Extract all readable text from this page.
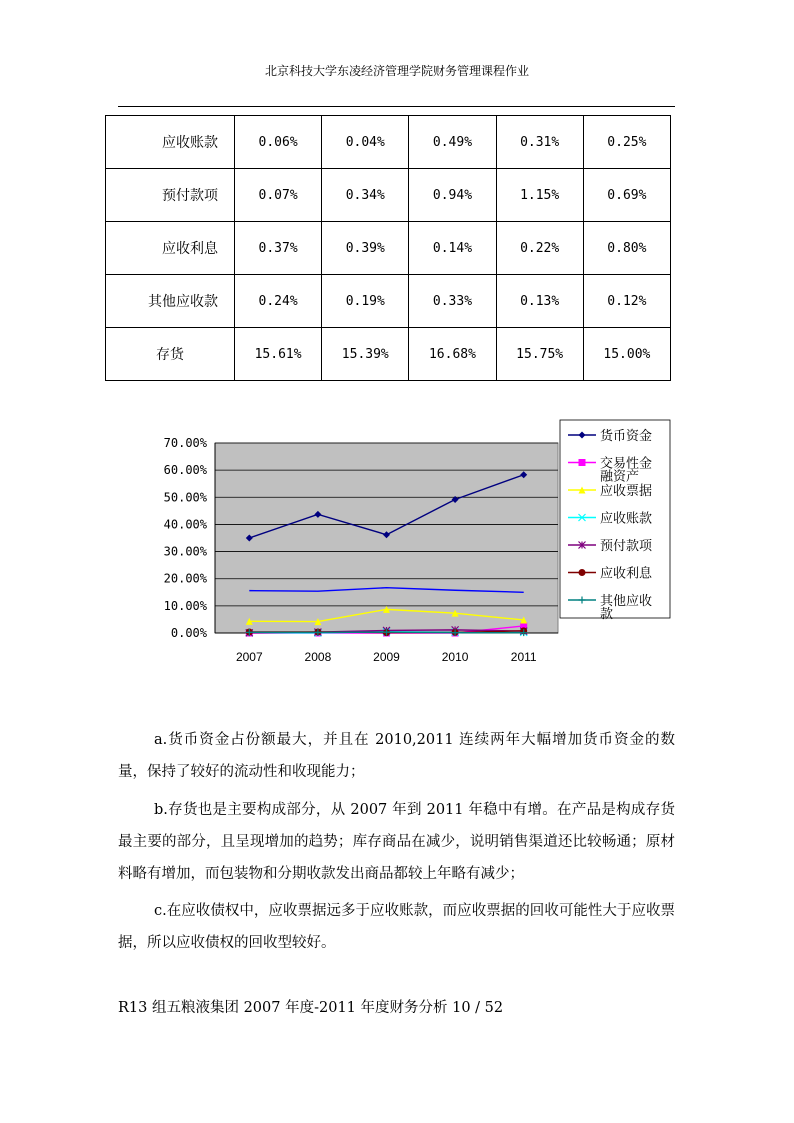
北京科技大学东凌经济管理学院财务管理课程作业
应收账款	0.06%	0.04%	0.49%	0.31%	0.25%
预付款项	0.07%	0.34%	0.94%	1.15%	0.69%
应收利息	0.37%	0.39%	0.14%	0.22%	0.80%
其他应收款	0.24%	0.19%	0.33%	0.13%	0.12%
存货	15.61%	15.39%	16.68%	15.75%	15.00%
0.00%
10.00%
20.00%
30.00%
40.00%
50.00%
60.00%
70.00%
2007	2008	2009	2010	2011
货币资金
交易性金融资产
应收票据
应收账款
预付款项
应收利息
其他应收款
a.货币资金占份额最大，并且在 2010,2011 连续两年大幅增加货币资金的数量，保持了较好的流动性和收现能力；
b.存货也是主要构成部分，从 2007 年到 2011 年稳中有增。在产品是构成存货最主要的部分，且呈现增加的趋势；库存商品在减少，说明销售渠道还比较畅通；原材料略有增加，而包装物和分期收款发出商品都较上年略有减少；
c.在应收债权中，应收票据远多于应收账款，而应收票据的回收可能性大于应收票据，所以应收债权的回收型较好。
R13 组五粮液集团 2007 年度-2011 年度财务分析 10 / 52
